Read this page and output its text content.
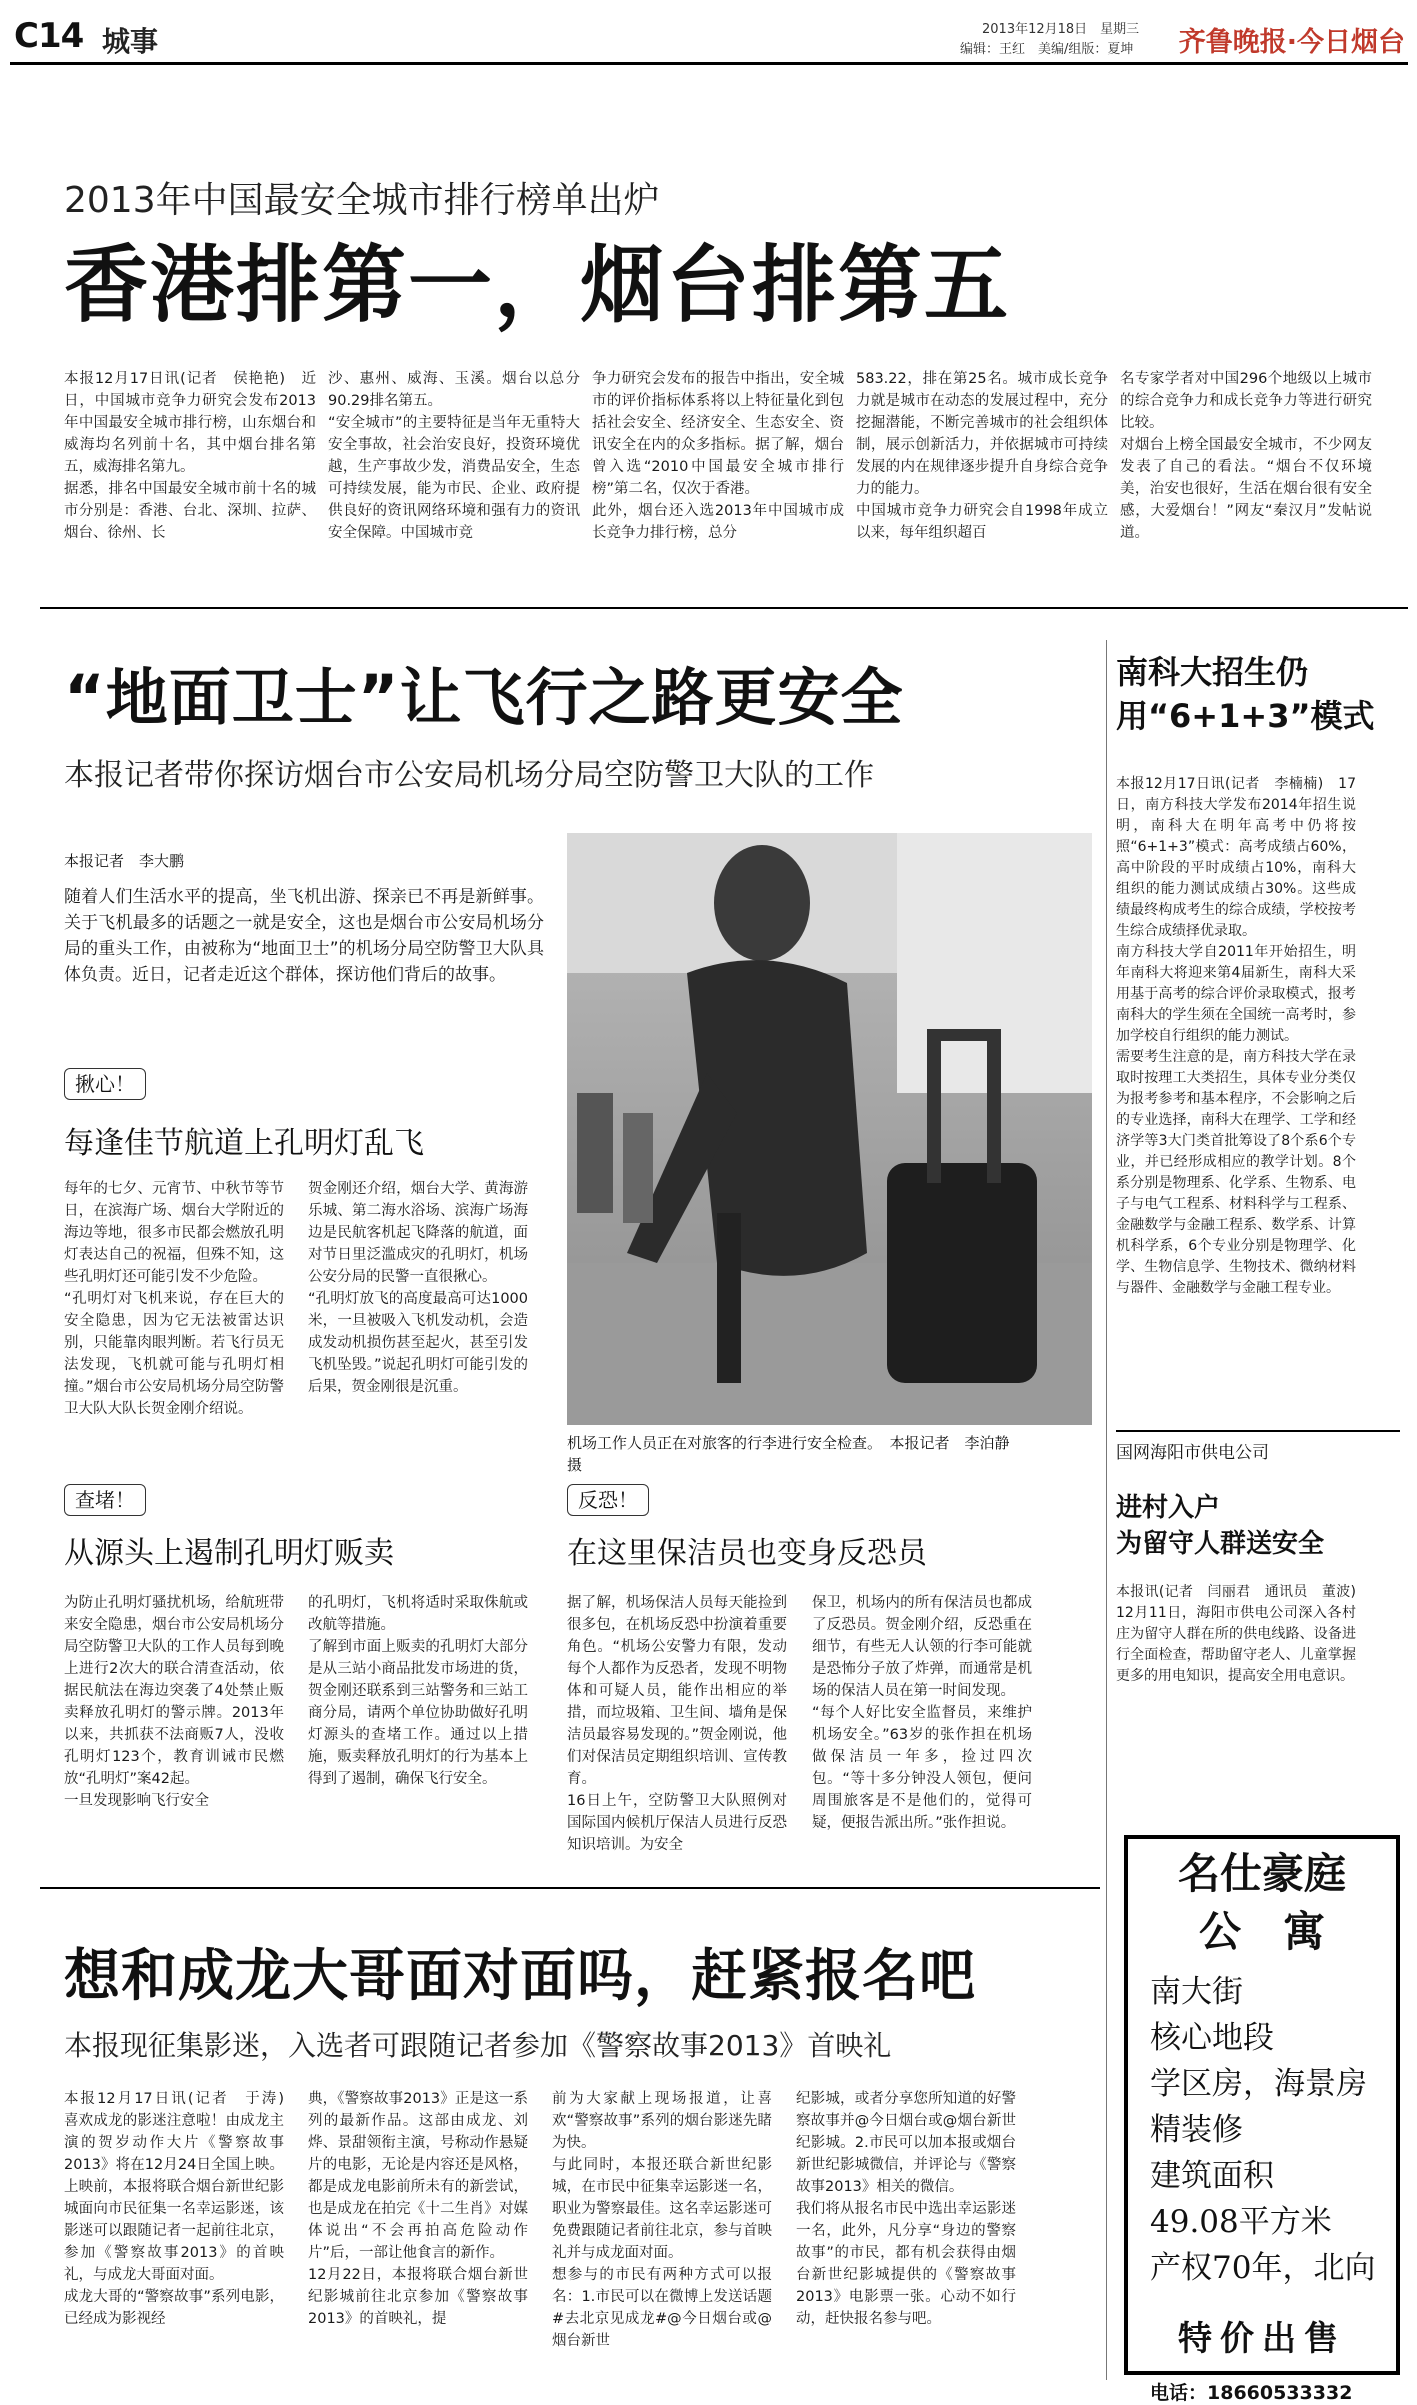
C14 城事	2013年12月18日　星期三
编辑：王红　美编/组版：夏坤 齐鲁晚报·今日烟台
2013年中国最安全城市排行榜单出炉
香港排第一，烟台排第五
本报12月17日讯(记者　侯艳艳)　近日，中国城市竞争力研究会发布2013年中国最安全城市排行榜，山东烟台和威海均名列前十名，其中烟台排名第五，威海排名第九。
据悉，排名中国最安全城市前十名的城市分别是：香港、台北、深圳、拉萨、烟台、徐州、长
沙、惠州、威海、玉溪。烟台以总分90.29排名第五。
“安全城市”的主要特征是当年无重特大安全事故，社会治安良好，投资环境优越，生产事故少发，消费品安全，生态可持续发展，能为市民、企业、政府提供良好的资讯网络环境和强有力的资讯安全保障。中国城市竞
争力研究会发布的报告中指出，安全城市的评价指标体系将以上特征量化到包括社会安全、经济安全、生态安全、资讯安全在内的众多指标。据了解，烟台曾入选“2010中国最安全城市排行榜”第二名，仅次于香港。
此外，烟台还入选2013年中国城市成长竞争力排行榜，总分
583.22，排在第25名。城市成长竞争力就是城市在动态的发展过程中，充分挖掘潜能，不断完善城市的社会组织体制，展示创新活力，并依据城市可持续发展的内在规律逐步提升自身综合竞争力的能力。
中国城市竞争力研究会自1998年成立以来，每年组织超百
名专家学者对中国296个地级以上城市的综合竞争力和成长竞争力等进行研究比较。
对烟台上榜全国最安全城市，不少网友发表了自己的看法。“烟台不仅环境美，治安也很好，生活在烟台很有安全感，大爱烟台！”网友“秦汉月”发帖说道。
“地面卫士”让飞行之路更安全
本报记者带你探访烟台市公安局机场分局空防警卫大队的工作
本报记者　李大鹏
随着人们生活水平的提高，坐飞机出游、探亲已不再是新鲜事。关于飞机最多的话题之一就是安全，这也是烟台市公安局机场分局的重头工作，由被称为“地面卫士”的机场分局空防警卫大队具体负责。近日，记者走近这个群体，探访他们背后的故事。
机场工作人员正在对旅客的行李进行安全检查。　本报记者　李泊静　摄
揪心！
每逢佳节航道上孔明灯乱飞
每年的七夕、元宵节、中秋节等节日，在滨海广场、烟台大学附近的海边等地，很多市民都会燃放孔明灯表达自己的祝福，但殊不知，这些孔明灯还可能引发不少危险。
“孔明灯对飞机来说，存在巨大的安全隐患，因为它无法被雷达识别，只能靠肉眼判断。若飞行员无法发现，飞机就可能与孔明灯相撞。”烟台市公安局机场分局空防警卫大队大队长贺金刚介绍说。
贺金刚还介绍，烟台大学、黄海游乐城、第二海水浴场、滨海广场海边是民航客机起飞降落的航道，面对节日里泛滥成灾的孔明灯，机场公安分局的民警一直很揪心。
“孔明灯放飞的高度最高可达1000米，一旦被吸入飞机发动机，会造成发动机损伤甚至起火，甚至引发飞机坠毁。”说起孔明灯可能引发的后果，贺金刚很是沉重。
查堵！
从源头上遏制孔明灯贩卖
为防止孔明灯骚扰机场，给航班带来安全隐患，烟台市公安局机场分局空防警卫大队的工作人员每到晚上进行2次大的联合清查活动，依据民航法在海边突袭了4处禁止贩卖释放孔明灯的警示牌。2013年以来，共抓获不法商贩7人，没收孔明灯123个，教育训诫市民燃放“孔明灯”案42起。
一旦发现影响飞行安全
的孔明灯，飞机将适时采取侏航或改航等措施。
了解到市面上贩卖的孔明灯大部分是从三站小商品批发市场进的货，贺金刚还联系到三站警务和三站工商分局，请两个单位协助做好孔明灯源头的查堵工作。通过以上措施，贩卖释放孔明灯的行为基本上得到了遏制，确保飞行安全。
反恐！
在这里保洁员也变身反恐员
据了解，机场保洁人员每天能捡到很多包，在机场反恐中扮演着重要角色。“机场公安警力有限，发动每个人都作为反恐者，发现不明物体和可疑人员，能作出相应的举措，而垃圾箱、卫生间、墙角是保洁员最容易发现的。”贺金刚说，他们对保洁员定期组织培训、宣传教育。
16日上午，空防警卫大队照例对国际国内候机厅保洁人员进行反恐知识培训。为安全
保卫，机场内的所有保洁员也都成了反恐员。贺金刚介绍，反恐重在细节，有些无人认领的行李可能就是恐怖分子放了炸弹，而通常是机场的保洁人员在第一时间发现。
“每个人好比安全监督员，来维护机场安全。”63岁的张作担在机场做保洁员一年多，捡过四次包。“等十多分钟没人领包，便问周围旅客是不是他们的，觉得可疑，便报告派出所。”张作担说。
想和成龙大哥面对面吗，赶紧报名吧
本报现征集影迷，入选者可跟随记者参加《警察故事2013》首映礼
本报12月17日讯(记者　于涛)　喜欢成龙的影迷注意啦！由成龙主演的贺岁动作大片《警察故事2013》将在12月24日全国上映。上映前，本报将联合烟台新世纪影城面向市民征集一名幸运影迷，该影迷可以跟随记者一起前往北京，参加《警察故事2013》的首映礼，与成龙大哥面对面。
成龙大哥的“警察故事”系列电影，已经成为影视经
典，《警察故事2013》正是这一系列的最新作品。这部由成龙、刘烨、景甜领衔主演，号称动作悬疑片的电影，无论是内容还是风格，都是成龙电影前所未有的新尝试，也是成龙在拍完《十二生肖》对媒体说出“不会再拍高危险动作片”后，一部让他食言的新作。
12月22日，本报将联合烟台新世纪影城前往北京参加《警察故事2013》的首映礼，提
前为大家献上现场报道，让喜欢“警察故事”系列的烟台影迷先睹为快。
与此同时，本报还联合新世纪影城，在市民中征集幸运影迷一名，职业为警察最佳。这名幸运影迷可免费跟随记者前往北京，参与首映礼并与成龙面对面。
想参与的市民有两种方式可以报名：1.市民可以在微博上发送话题#去北京见成龙#@今日烟台或@烟台新世
纪影城，或者分享您所知道的好警察故事并@今日烟台或@烟台新世纪影城。2.市民可以加本报或烟台新世纪影城微信，并评论与《警察故事2013》相关的微信。
我们将从报名市民中选出幸运影迷一名，此外，凡分享“身边的警察故事”的市民，都有机会获得由烟台新世纪影城提供的《警察故事2013》电影票一张。心动不如行动，赶快报名参与吧。
南科大招生仍用“6+1+3”模式
本报12月17日讯(记者　李楠楠)　17日，南方科技大学发布2014年招生说明，南科大在明年高考中仍将按照“6+1+3”模式：高考成绩占60%，高中阶段的平时成绩占10%，南科大组织的能力测试成绩占30%。这些成绩最终构成考生的综合成绩，学校按考生综合成绩择优录取。
南方科技大学自2011年开始招生，明年南科大将迎来第4届新生，南科大采用基于高考的综合评价录取模式，报考南科大的学生须在全国统一高考时，参加学校自行组织的能力测试。
需要考生注意的是，南方科技大学在录取时按理工大类招生，具体专业分类仅为报考参考和基本程序，不会影响之后的专业选择，南科大在理学、工学和经济学等3大门类首批筹设了8个系6个专业，并已经形成相应的教学计划。8个系分别是物理系、化学系、生物系、电子与电气工程系、材料科学与工程系、金融数学与金融工程系、数学系、计算机科学系，6个专业分别是物理学、化学、生物信息学、生物技术、微纳材料与器件、金融数学与金融工程专业。
国网海阳市供电公司
进村入户
为留守人群送安全
本报讯(记者　闫丽君　通讯员　董波)　12月11日，海阳市供电公司深入各村庄为留守人群在所的供电线路、设备进行全面检查，帮助留守老人、儿童掌握更多的用电知识，提高安全用电意识。
名仕豪庭
公　寓
南大街
核心地段
学区房，海景房
精装修
建筑面积
49.08平方米
产权70年，北向
特价出售
电话：18660533332
